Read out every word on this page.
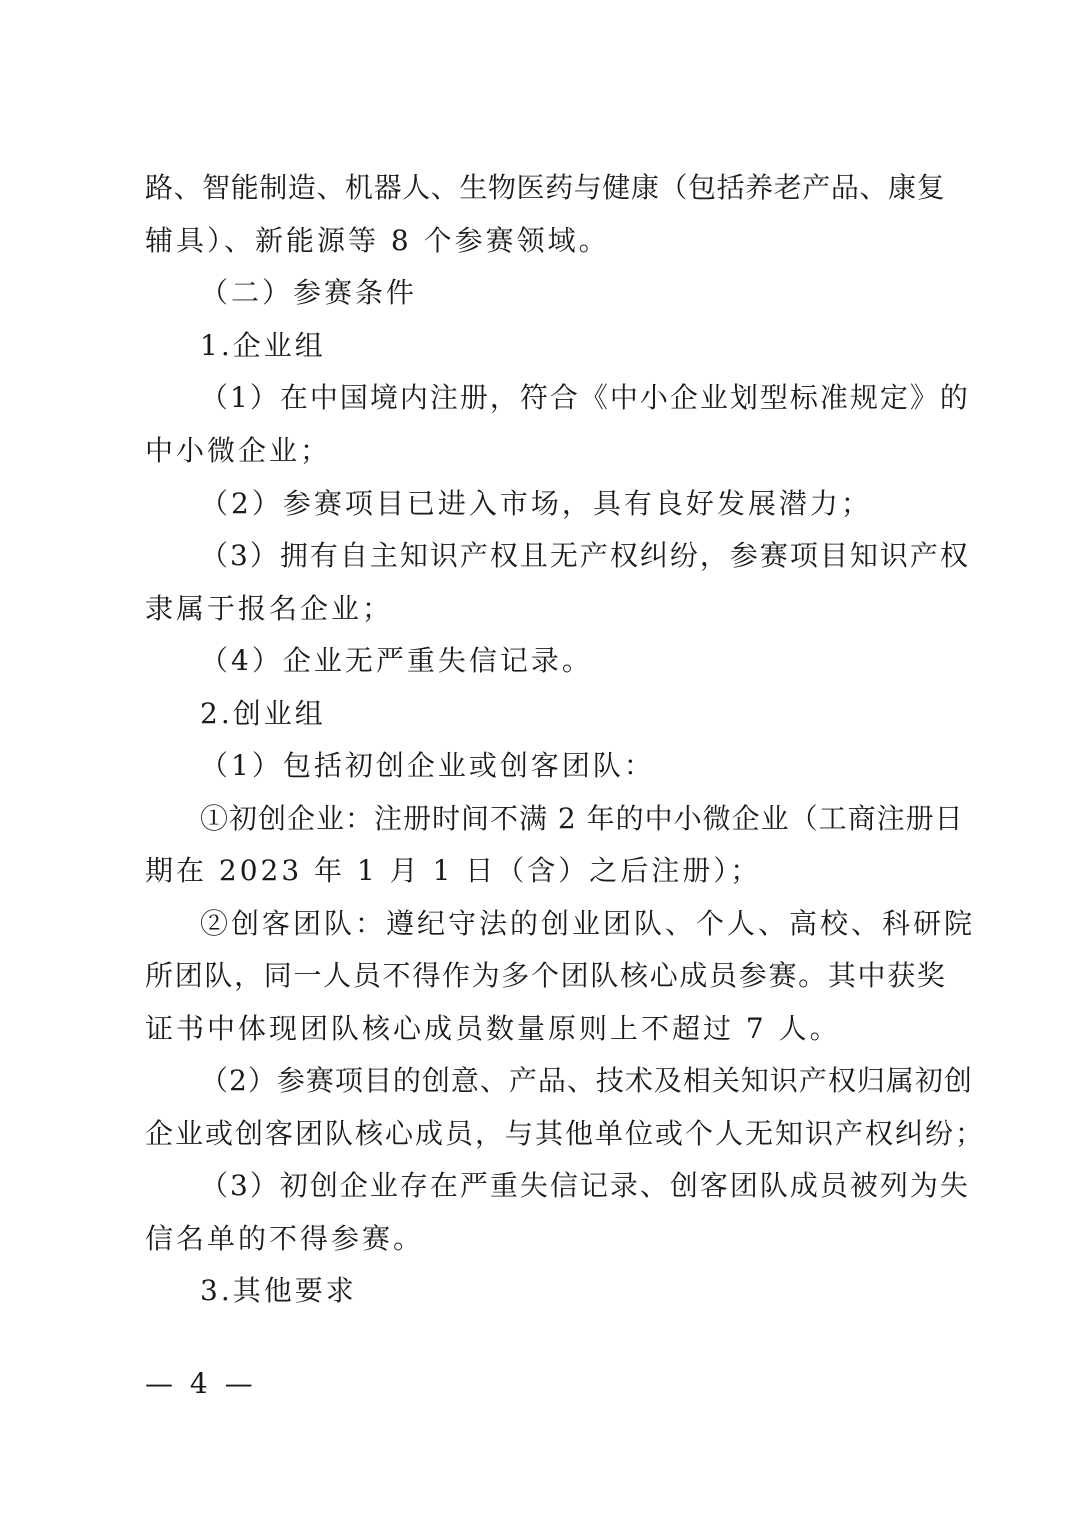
路 、 智 能 制 造 、 机 器 人 、 生 物 医 药 与 健 康 （ 包 括 养 老 产 品 、 康 复
辅具）、新能源等 8 个参赛领域。
（二）参赛条件
1.企业组
（1）在中国境内注册，符合《中小企业划型标准规定》的
中小微企业；
（2）参赛项目已进入市场，具有良好发展潜力；
（3）拥有自主知识产权且无产权纠纷，参赛项目知识产权
隶属于报名企业；
（4）企业无严重失信记录。
2.创业组
（1）包括初创企业或创客团队：
①初创企业：注册时间不满 2 年的中小微企业（工商注册日
期在 2023 年 1 月 1 日（含）之后注册）；
②创客团队：遵纪守法的创业团队、个人、高校、科研院
所 团 队 ， 同 一 人 员 不 得 作 为 多 个 团 队 核 心 成 员 参 赛 。 其 中 获 奖
证书中体现团队核心成员数量原则上不超过 7 人。
（2）参赛项目的创意、产品、技术及相关知识产权归属初创
企业或创客团队核心成员，与其他单位或个人无知识产权纠纷；
（3）初创企业存在严重失信记录、创客团队成员被列为失
信名单的不得参赛。
3.其他要求
— 4 —
